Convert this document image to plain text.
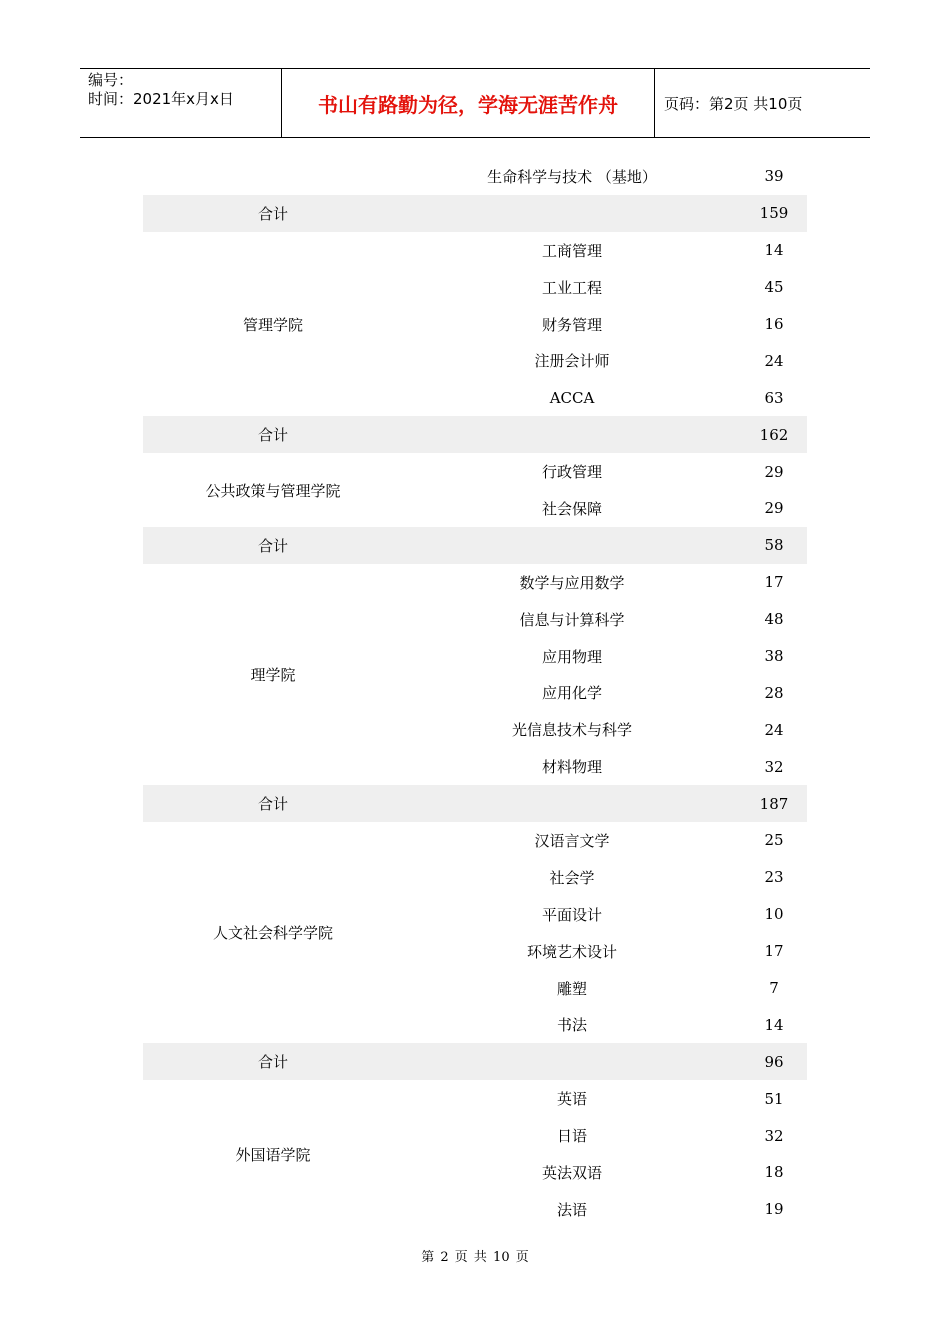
编号：
时间：2021年x月x日	书山有路勤为径，学海无涯苦作舟	页码：第2页 共10页
生命科学与技术 （基地）	39
合计	159
管理学院
工商管理	14
工业工程	45
财务管理	16
注册会计师	24
ACCA	63
合计	162
公共政策与管理学院
行政管理	29
社会保障	29
合计	58
理学院
数学与应用数学	17
信息与计算科学	48
应用物理	38
应用化学	28
光信息技术与科学	24
材料物理	32
合计	187
人文社会科学学院
汉语言文学	25
社会学	23
平面设计	10
环境艺术设计	17
雕塑	7
书法	14
合计	96
外国语学院
英语	51
日语	32
英法双语	18
法语	19
第 2 页 共 10 页
